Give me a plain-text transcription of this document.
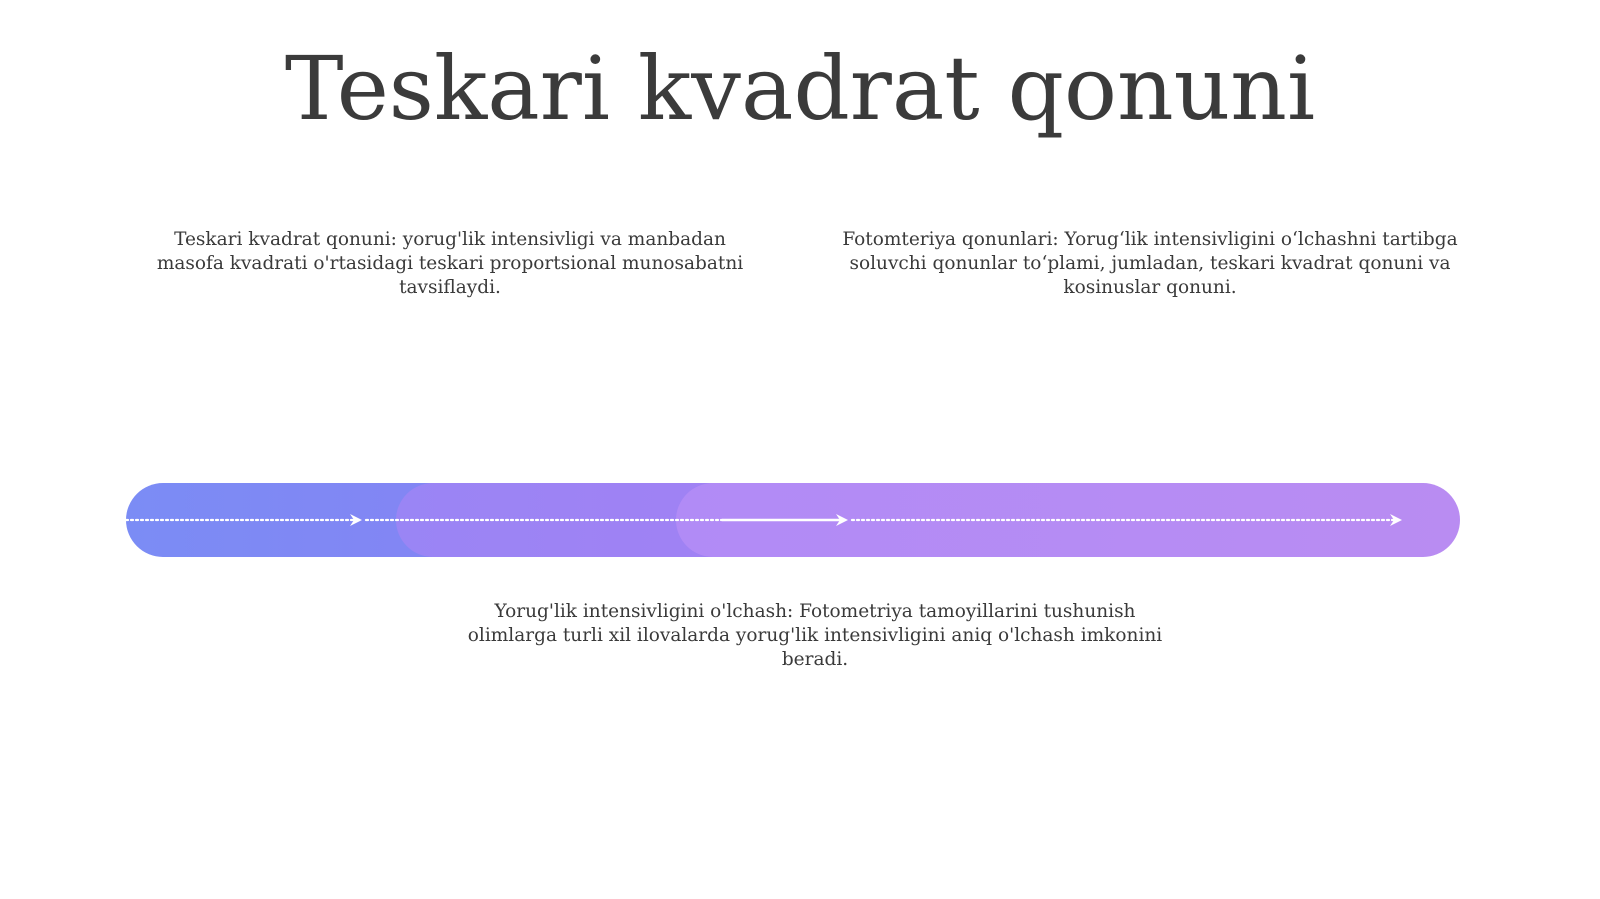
Teskari kvadrat qonuni
Teskari kvadrat qonuni: yorug'lik intensivligi va manbadan masofa kvadrati o'rtasidagi teskari proportsional munosabatni tavsiflaydi.
Fotomteriya qonunlari: Yorug‘lik intensivligini o‘lchashni tartibga soluvchi qonunlar to‘plami, jumladan, teskari kvadrat qonuni va kosinuslar qonuni.
Yorug'lik intensivligini o'lchash: Fotometriya tamoyillarini tushunish olimlarga turli xil ilovalarda yorug'lik intensivligini aniq o'lchash imkonini beradi.
